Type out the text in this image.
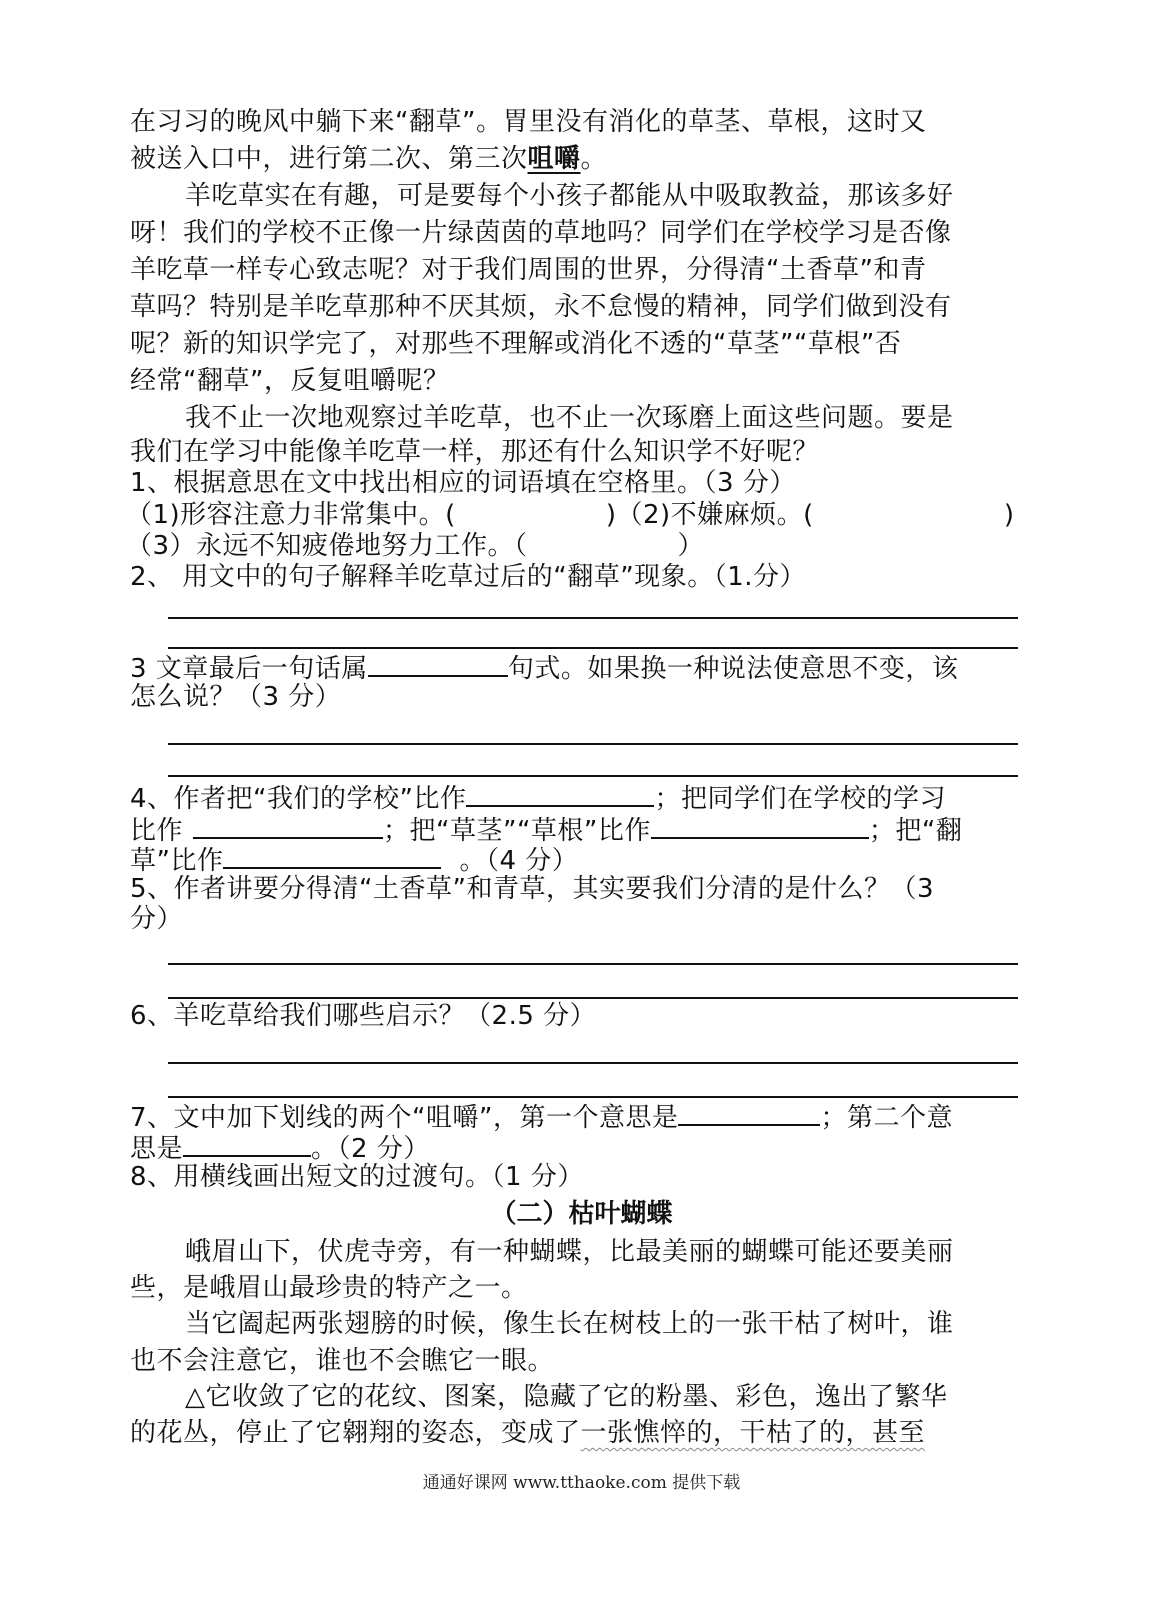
在习习的晚风中躺下来“翻草”。胃里没有消化的草茎、草根，这时又
被送入口中，进行第二次、第三次咀嚼。
羊吃草实在有趣，可是要每个小孩子都能从中吸取教益，那该多好
呀！我们的学校不正像一片绿茵茵的草地吗？同学们在学校学习是否像
羊吃草一样专心致志呢？对于我们周围的世界，分得清“土香草”和青
草吗？特别是羊吃草那种不厌其烦，永不怠慢的精神，同学们做到没有
呢？新的知识学完了，对那些不理解或消化不透的“草茎”“草根”否
经常“翻草”，反复咀嚼呢？
我不止一次地观察过羊吃草，也不止一次琢磨上面这些问题。要是
我们在学习中能像羊吃草一样，那还有什么知识学不好呢？
1、根据意思在文中找出相应的词语填在空格里。（3 分）
（1)形容注意力非常集中。(	)（2)不嫌麻烦。(	)
（3）永远不知疲倦地努力工作。（	）
2、 用文中的句子解释羊吃草过后的“翻草”现象。（1.分）
3 文章最后一句话属	句式。如果换一种说法使意思不变，该
怎么说？（3 分）
4、作者把“我们的学校”比作	；把同学们在学校的学习
比作	；把“草茎”“草根”比作	；把“翻
草”比作	。（4 分）
5、作者讲要分得清“土香草”和青草，其实要我们分清的是什么？（3
分）
6、羊吃草给我们哪些启示？（2.5 分）
7、文中加下划线的两个“咀嚼”，第一个意思是	；第二个意
思是	。（2 分）
8、用横线画出短文的过渡句。（1 分）
（二）枯叶蝴蝶
峨眉山下，伏虎寺旁，有一种蝴蝶，比最美丽的蝴蝶可能还要美丽
些，是峨眉山最珍贵的特产之一。
当它阖起两张翅膀的时候，像生长在树枝上的一张干枯了树叶，谁
也不会注意它，谁也不会瞧它一眼。
△它收敛了它的花纹、图案，隐藏了它的粉墨、彩色，逸出了繁华
的花丛，停止了它翱翔的姿态，变成了一张憔悴的，干枯了的，甚至
通通好课网 www.tthaoke.com 提供下载
